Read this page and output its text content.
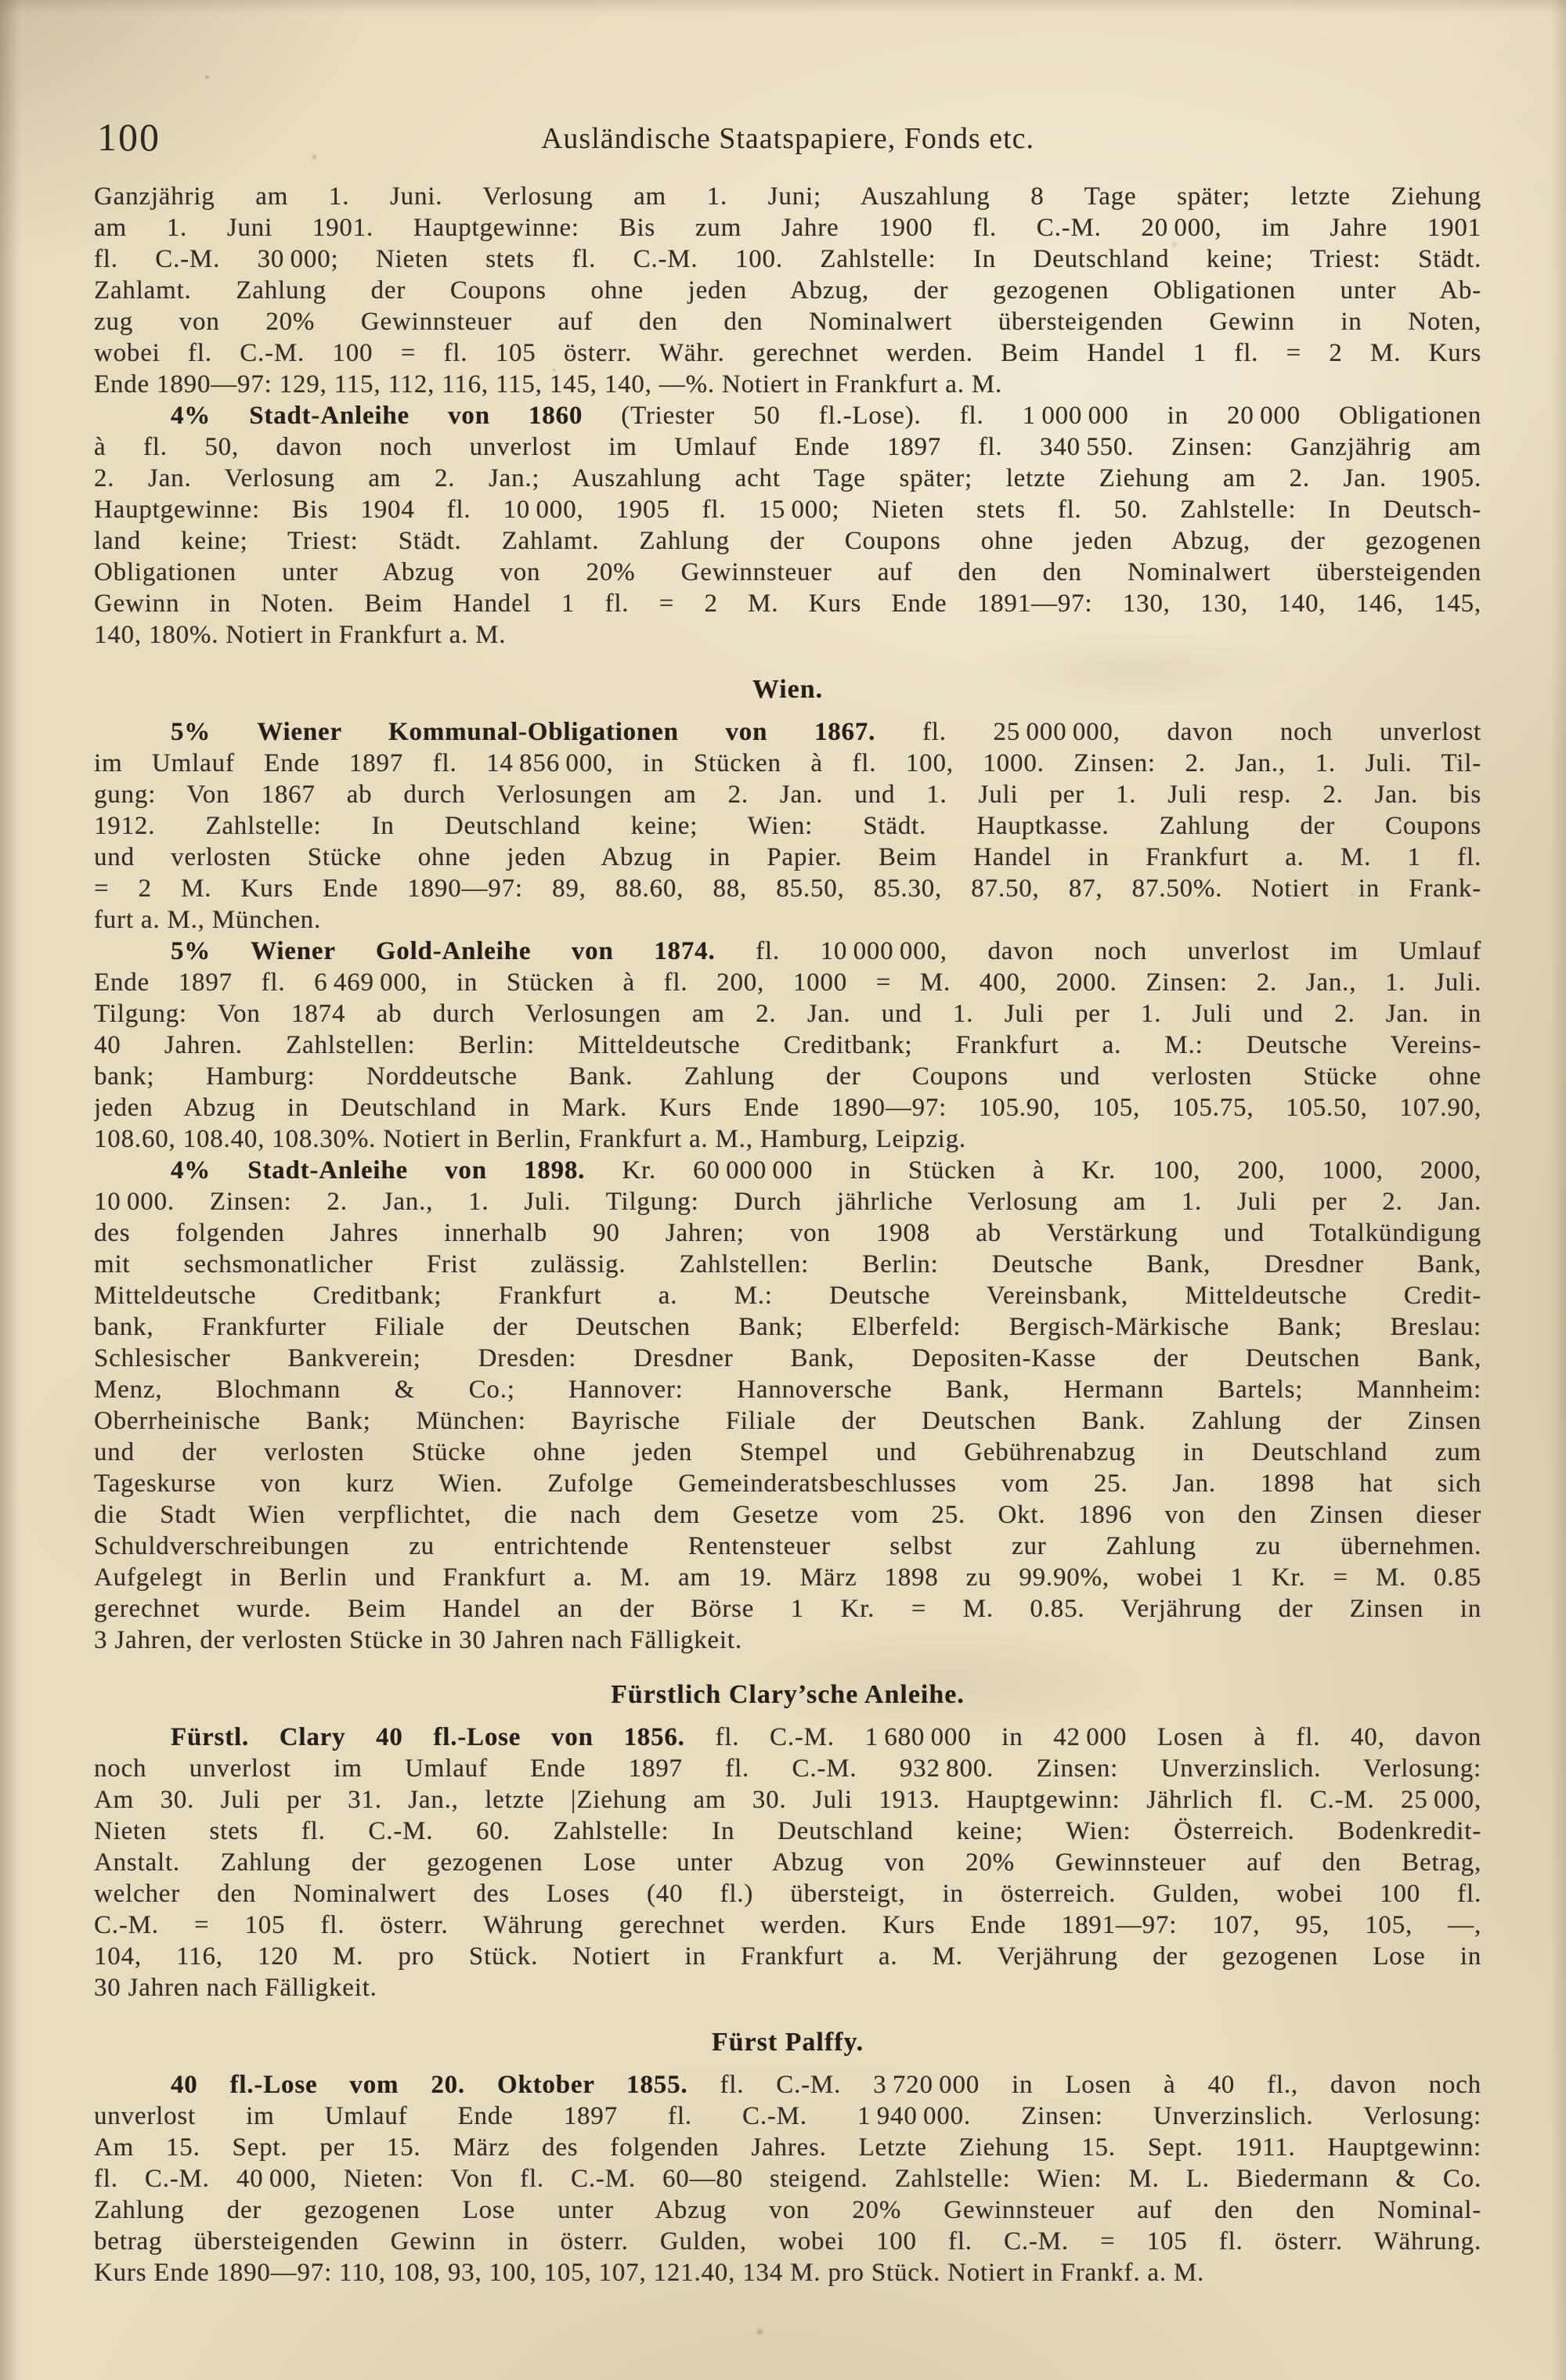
100	Ausländische Staatspapiere, Fonds etc.
Ganzjährig am 1. Juni. Verlosung am 1. Juni; Auszahlung 8 Tage später; letzte Ziehung
am 1. Juni 1901. Hauptgewinne: Bis zum Jahre 1900 fl. C.-M. 20 000, im Jahre 1901
fl. C.-M. 30 000; Nieten stets fl. C.-M. 100. Zahlstelle: In Deutschland keine; Triest: Städt.
Zahlamt. Zahlung der Coupons ohne jeden Abzug, der gezogenen Obligationen unter Ab-
zug von 20% Gewinnsteuer auf den den Nominalwert übersteigenden Gewinn in Noten,
wobei fl. C.-M. 100 = fl. 105 österr. Währ. gerechnet werden. Beim Handel 1 fl. = 2 M. Kurs
Ende 1890—97: 129, 115, 112, 116, 115, 145, 140, —%. Notiert in Frankfurt a. M.
4% Stadt-Anleihe von 1860 (Triester 50 fl.-Lose). fl. 1 000 000 in 20 000 Obligationen
à fl. 50, davon noch unverlost im Umlauf Ende 1897 fl. 340 550. Zinsen: Ganzjährig am
2. Jan. Verlosung am 2. Jan.; Auszahlung acht Tage später; letzte Ziehung am 2. Jan. 1905.
Hauptgewinne: Bis 1904 fl. 10 000, 1905 fl. 15 000; Nieten stets fl. 50. Zahlstelle: In Deutsch-
land keine; Triest: Städt. Zahlamt. Zahlung der Coupons ohne jeden Abzug, der gezogenen
Obligationen unter Abzug von 20% Gewinnsteuer auf den den Nominalwert übersteigenden
Gewinn in Noten. Beim Handel 1 fl. = 2 M. Kurs Ende 1891—97: 130, 130, 140, 146, 145,
140, 180%. Notiert in Frankfurt a. M.
Wien.
5% Wiener Kommunal-Obligationen von 1867. fl. 25 000 000, davon noch unverlost
im Umlauf Ende 1897 fl. 14 856 000, in Stücken à fl. 100, 1000. Zinsen: 2. Jan., 1. Juli. Til-
gung: Von 1867 ab durch Verlosungen am 2. Jan. und 1. Juli per 1. Juli resp. 2. Jan. bis
1912. Zahlstelle: In Deutschland keine; Wien: Städt. Hauptkasse. Zahlung der Coupons
und verlosten Stücke ohne jeden Abzug in Papier. Beim Handel in Frankfurt a. M. 1 fl.
= 2 M. Kurs Ende 1890—97: 89, 88.60, 88, 85.50, 85.30, 87.50, 87, 87.50%. Notiert in Frank-
furt a. M., München.
5% Wiener Gold-Anleihe von 1874. fl. 10 000 000, davon noch unverlost im Umlauf
Ende 1897 fl. 6 469 000, in Stücken à fl. 200, 1000 = M. 400, 2000. Zinsen: 2. Jan., 1. Juli.
Tilgung: Von 1874 ab durch Verlosungen am 2. Jan. und 1. Juli per 1. Juli und 2. Jan. in
40 Jahren. Zahlstellen: Berlin: Mitteldeutsche Creditbank; Frankfurt a. M.: Deutsche Vereins-
bank; Hamburg: Norddeutsche Bank. Zahlung der Coupons und verlosten Stücke ohne
jeden Abzug in Deutschland in Mark. Kurs Ende 1890—97: 105.90, 105, 105.75, 105.50, 107.90,
108.60, 108.40, 108.30%. Notiert in Berlin, Frankfurt a. M., Hamburg, Leipzig.
4% Stadt-Anleihe von 1898. Kr. 60 000 000 in Stücken à Kr. 100, 200, 1000, 2000,
10 000. Zinsen: 2. Jan., 1. Juli. Tilgung: Durch jährliche Verlosung am 1. Juli per 2. Jan.
des folgenden Jahres innerhalb 90 Jahren; von 1908 ab Verstärkung und Totalkündigung
mit sechsmonatlicher Frist zulässig. Zahlstellen: Berlin: Deutsche Bank, Dresdner Bank,
Mitteldeutsche Creditbank; Frankfurt a. M.: Deutsche Vereinsbank, Mitteldeutsche Credit-
bank, Frankfurter Filiale der Deutschen Bank; Elberfeld: Bergisch-Märkische Bank; Breslau:
Schlesischer Bankverein; Dresden: Dresdner Bank, Depositen-Kasse der Deutschen Bank,
Menz, Blochmann & Co.; Hannover: Hannoversche Bank, Hermann Bartels; Mannheim:
Oberrheinische Bank; München: Bayrische Filiale der Deutschen Bank. Zahlung der Zinsen
und der verlosten Stücke ohne jeden Stempel und Gebührenabzug in Deutschland zum
Tageskurse von kurz Wien. Zufolge Gemeinderatsbeschlusses vom 25. Jan. 1898 hat sich
die Stadt Wien verpflichtet, die nach dem Gesetze vom 25. Okt. 1896 von den Zinsen dieser
Schuldverschreibungen zu entrichtende Rentensteuer selbst zur Zahlung zu übernehmen.
Aufgelegt in Berlin und Frankfurt a. M. am 19. März 1898 zu 99.90%, wobei 1 Kr. = M. 0.85
gerechnet wurde. Beim Handel an der Börse 1 Kr. = M. 0.85. Verjährung der Zinsen in
3 Jahren, der verlosten Stücke in 30 Jahren nach Fälligkeit.
Fürstlich Clary’sche Anleihe.
Fürstl. Clary 40 fl.-Lose von 1856. fl. C.-M. 1 680 000 in 42 000 Losen à fl. 40, davon
noch unverlost im Umlauf Ende 1897 fl. C.-M. 932 800. Zinsen: Unverzinslich. Verlosung:
Am 30. Juli per 31. Jan., letzte |Ziehung am 30. Juli 1913. Hauptgewinn: Jährlich fl. C.-M. 25 000,
Nieten stets fl. C.-M. 60. Zahlstelle: In Deutschland keine; Wien: Österreich. Bodenkredit-
Anstalt. Zahlung der gezogenen Lose unter Abzug von 20% Gewinnsteuer auf den Betrag,
welcher den Nominalwert des Loses (40 fl.) übersteigt, in österreich. Gulden, wobei 100 fl.
C.-M. = 105 fl. österr. Währung gerechnet werden. Kurs Ende 1891—97: 107, 95, 105, —,
104, 116, 120 M. pro Stück. Notiert in Frankfurt a. M. Verjährung der gezogenen Lose in
30 Jahren nach Fälligkeit.
Fürst Palffy.
40 fl.-Lose vom 20. Oktober 1855. fl. C.-M. 3 720 000 in Losen à 40 fl., davon noch
unverlost im Umlauf Ende 1897 fl. C.-M. 1 940 000. Zinsen: Unverzinslich. Verlosung:
Am 15. Sept. per 15. März des folgenden Jahres. Letzte Ziehung 15. Sept. 1911. Hauptgewinn:
fl. C.-M. 40 000, Nieten: Von fl. C.-M. 60—80 steigend. Zahlstelle: Wien: M. L. Biedermann & Co.
Zahlung der gezogenen Lose unter Abzug von 20% Gewinnsteuer auf den den Nominal-
betrag übersteigenden Gewinn in österr. Gulden, wobei 100 fl. C.-M. = 105 fl. österr. Währung.
Kurs Ende 1890—97: 110, 108, 93, 100, 105, 107, 121.40, 134 M. pro Stück. Notiert in Frankf. a. M.
